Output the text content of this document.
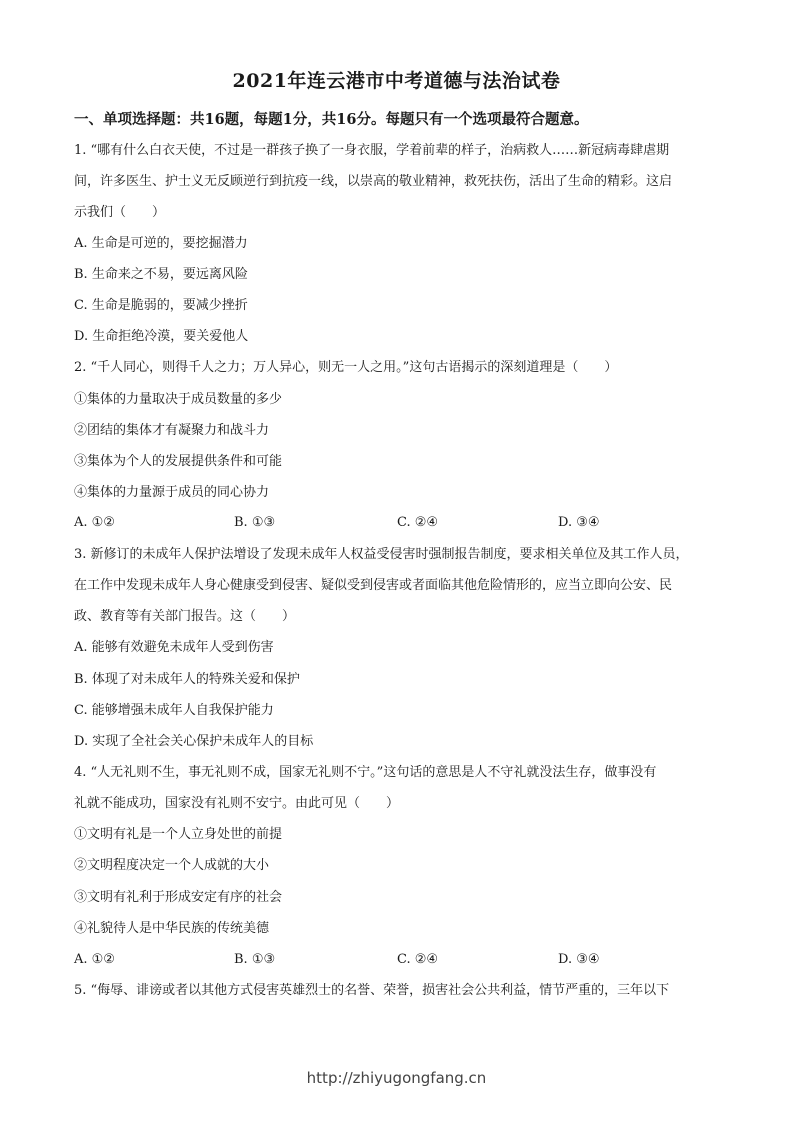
2021年连云港市中考道德与法治试卷

一、单项选择题：共16题，每题1分，共16分。每题只有一个选项最符合题意。

1. “哪有什么白衣天使，不过是一群孩子换了一身衣服，学着前辈的样子，治病救人……新冠病毒肆虐期

间，许多医生、护士义无反顾逆行到抗疫一线，以崇高的敬业精神，救死扶伤，活出了生命的精彩。这启

示我们（　　）

A. 生命是可逆的，要挖掘潜力

B. 生命来之不易，要远离风险

C. 生命是脆弱的，要减少挫折

D. 生命拒绝冷漠，要关爱他人

2. “千人同心，则得千人之力；万人异心，则无一人之用。”这句古语揭示的深刻道理是（　　）

①集体的力量取决于成员数量的多少

②团结的集体才有凝聚力和战斗力

③集体为个人的发展提供条件和可能

④集体的力量源于成员的同心协力

A. ①②	B. ①③	C. ②④	D. ③④

3. 新修订的未成年人保护法增设了发现未成年人权益受侵害时强制报告制度，要求相关单位及其工作人员，

在工作中发现未成年人身心健康受到侵害、疑似受到侵害或者面临其他危险情形的，应当立即向公安、民

政、教育等有关部门报告。这（　　）

A. 能够有效避免未成年人受到伤害

B. 体现了对未成年人的特殊关爱和保护

C. 能够增强未成年人自我保护能力

D. 实现了全社会关心保护未成年人的目标

4. “人无礼则不生，事无礼则不成，国家无礼则不宁。”这句话的意思是人不守礼就没法生存，做事没有

礼就不能成功，国家没有礼则不安宁。由此可见（　　）

①文明有礼是一个人立身处世的前提

②文明程度决定一个人成就的大小

③文明有礼利于形成安定有序的社会

④礼貌待人是中华民族的传统美德

A. ①②	B. ①③	C. ②④	D. ③④

5. “侮辱、诽谤或者以其他方式侵害英雄烈士的名誉、荣誉，损害社会公共利益，情节严重的，三年以下

http://zhiyugongfang.cn
